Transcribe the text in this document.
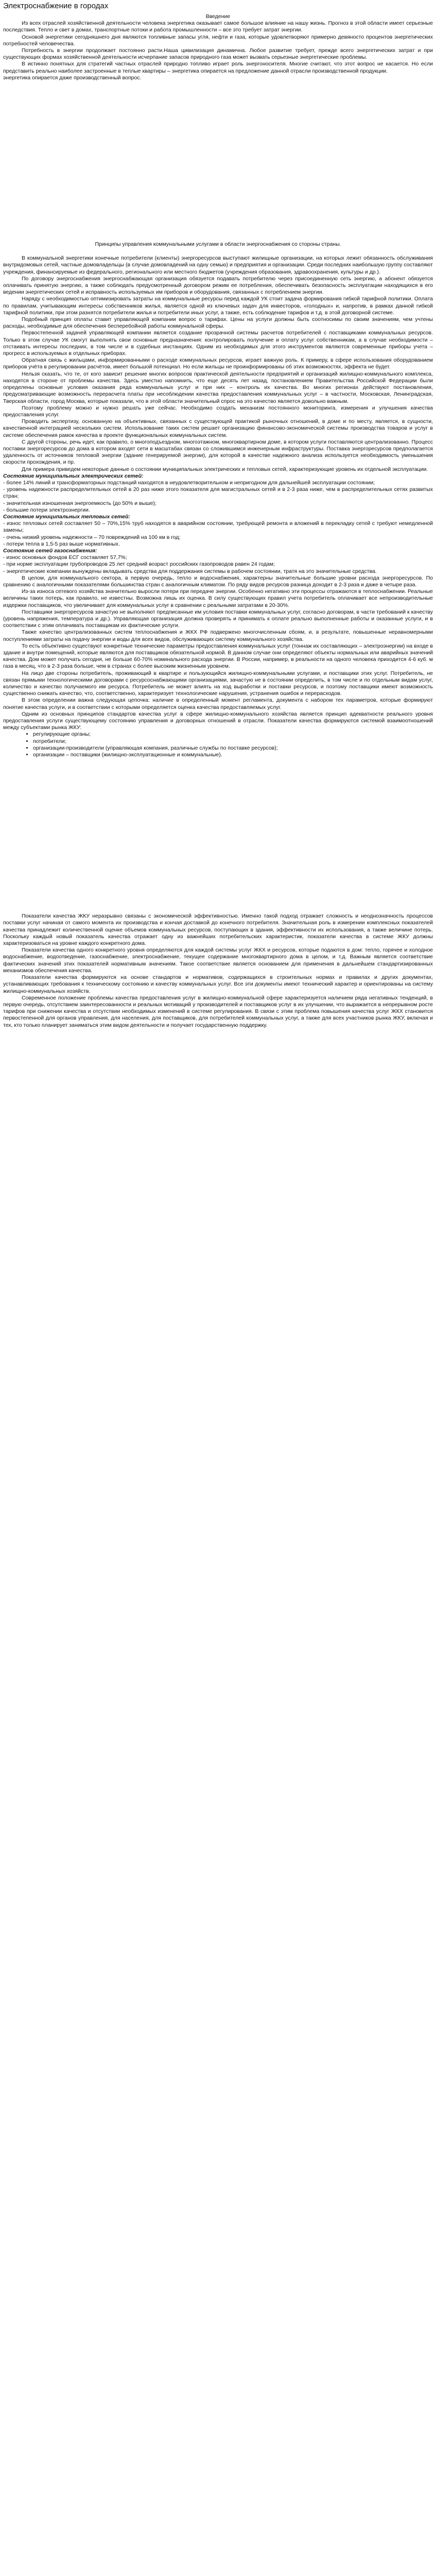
Электроснабжение в городах
Введение

Из всех отраслей хозяйственной деятельности человека энергетика оказывает самое большое влияние на нашу жизнь. Прогноз в этой области имеет серьезные последствия. Тепло и свет в домах, транспортные потоки и работа промышленности – все это требует затрат энергии.

Основой энергетики сегодняшнего дня являются топливные запасы угля, нефти и газа, которые удовлетворяют примерно девяносто процентов энергетических потребностей человечества.

Потребность в энергии продолжает постоянно расти.Наша цивилизация динамична. Любое развитие требует, прежде всего энергетических затрат и при существующих формах хозяйственной деятельности исчерпание запасов природного газа может вызвать серьезные энергетические проблемы.

В истинно понятных для стратегий частных отраслей природно топливо играет роль энергоносителя. Многие считают, что этот вопрос не касается. Но если представить реально наиболее застроенные в теплые квартиры – энергетика опирается на предложение данной отрасли производственной продукции.

энергетика опирается даже производственный вопрос.

Принципы управления коммунальными услугами в области энергоснабжения со стороны страны.

В коммунальной энергетики конечные потребители (клиенты) энергоресурсов выступают жилищные организации, на которых лежит обязанность обслуживания внутридомовых сетей, частные домовладельцы (в случае домовладений на одну семью) и предприятия и организации. Среди последних наибольшую группу составляют учреждения, финансируемые из федерального, регионального или местного бюджетов (учреждения образования, здравоохранения, культуры и др.).

По договору энергоснабжения энергоснабжающая организация обязуется подавать потребителю через присоединенную сеть энергию, а абонент обязуется оплачивать принятую энергию, а также соблюдать предусмотренный договором режим ее потребления, обеспечивать безопасность эксплуатации находящихся в его ведении энергетических сетей и исправность используемых им приборов и оборудования, связанных с потреблением энергии.

Наряду с необходимостью оптимизировать затраты на коммунальные ресурсы перед каждой УК стоит задача формирования гибкой тарифной политики. Оплата по правилам, учитывающим интересы собственников жилья, является одной из ключевых задач для инвесторов, «голодных» и, напротив, в рамках данной гибкой тарифной политики, при этом разнятся потребители жилья и потребители иных услуг, а также, есть соблюдение тарифов и т.д. в этой договорной системе.

Подобный принцип оплаты ставит управляющей компании вопрос о тарифах. Цены на услуги должны быть соотносимы по своим значениям, чем учтены расходы, необходимые для обеспечения бесперебойной работы коммунальной сферы.

Первостепенной задачей управляющей компании является создание прозрачной системы расчетов потребителей с поставщиками коммунальных ресурсов. Только в этом случае УК смогут выполнять свои основные предназначения: контролировать получение и оплату услуг собственникам, а в случае необходимости – отстаивать интересы последних, в том числе и в судебных инстанциях. Одним из необходимых для этого инструментов являются современные приборы учета – прогресс в используемых в отдельных приборах.

Обратная связь с жильцами, информированными о расходе коммунальных ресурсов, играет важную роль. К примеру, в сфере использования оборудованием приборов учёта в регулировании расчётов, имеет большой потенциал. Но если жильцы не проинформированы об этих возможностях, эффекта не будет.

Нельзя сказать, что те, от кого зависит решение многих вопросов практической деятельности предприятий и организаций жилищно-коммунального комплекса, находятся в стороне от проблемы качества. Здесь уместно напомнить, что еще десять лет назад, постановлением Правительства Российской Федерации были определены основные условия оказания ряда коммунальных услуг и при них – контроль их качества. Во многих регионах действуют постановления, предусматривающие возможность перерасчета платы при несоблюдении качества предоставления коммунальных услуг – в частности, Московская, Ленинградская, Тверская области, город Москва, которые показали, что в этой области значительный спрос на это качество является довольно важным.

Поэтому проблему можно и нужно решать уже сейчас. Необходимо создать механизм постоянного мониторинга, измерения и улучшения качества предоставления услуг.

Проводить экспертизу, основанную на объективных, связанных с существующей практикой рыночных отношений, в доме и по месту, является, в сущности, качественной интеграцией нескольких систем. Использование таких систем решает организацию финансово-экономической системы производства товаров и услуг в системе обеспечения рамок качества в проекте функциональных коммунальных систем.

С другой стороны, речь идет, как правило, о многоподъездном, многоэтажном, многоквартирном доме, в котором услуги поставляются централизованно. Процесс поставки энергоресурсов до дома в котором входят сети в масштабах связан со сложившимся инженерным инфраструктуры. Поставка энергоресурсов предполагается удаленность от источников тепловой энергии (здание генерируемой энергии), для которой в качестве надежного анализа используется необходимость уменьшения скорости прохождения, и пр.

Для примера приведем некоторые данные о состоянии муниципальных электрических и тепловых сетей, характеризующие уровень их отдельной эксплуатации.

Состояние муниципальных электрических сетей:

- более 14% линий и трансформаторных подстанций находятся в неудовлетворительном и непригодном для дальнейшей эксплуатации состоянии;

- уровень надежности распределительных сетей в 20 раз ниже этого показателя для магистральных сетей и в 2-3 раза ниже, чем в распределительных сетях развитых стран;

- значительная изношенная энергоемкость (до 50% и выше);

- большие потери электроэнергии.

Состояние муниципальных тепловых сетей:

- износ тепловых сетей составляет 50 – 70%,15% труб находятся в аварийном состоянии, требующей ремонта и вложений в перекладку сетей с требуют немедленной замены;

- очень низкий уровень надежности – 70 повреждений на 100 км в год;

- потери тепла в 1,5-5 раз выше нормативных.

Состояние сетей газоснабжения:

- износ основных фондов ЕСГ составляет 57,7%;

- при норме эксплуатации трубопроводов 25 лет средний возраст российских газопроводов равен 24 годам;

- энергетические компании вынуждены вкладывать средства для поддержания системы в рабочем состоянии, тратя на это значительные средства.

В целом, для коммунального сектора, в первую очередь, тепло и водоснабжения, характерны значительные большие уровни расхода энергоресурсов. По сравнению с аналогичными показателями большинства стран с аналогичным климатом. По ряду видов ресурсов разница доходит в 2-3 раза и даже в четыре раза.

Из-за износа сетевого хозяйства значительно выросли потери при передаче энергии. Особенно негативно эти процессы отражаются в теплоснабжении. Реальные величины таких потерь, как правило, не известны. Возможна лишь их оценка. В силу существующих правил учета потребитель оплачивает все непроизводительные издержки поставщиков, что увеличивает для коммунальных услуг в сравнении с реальными затратами в 20-30%.

Поставщики энергоресурсов зачастую не выполняют предписанные им условия поставки коммунальных услуг, согласно договорам, в части требований к качеству (уровень напряжения, температура и др.). Управляющая организация должна проверять и принимать к оплате реально выполненные работы и оказанные услуги, и в соответствии с этим оплачивать поставщикам их фактические услуги.

Также качество централизованных систем теплоснабжения и ЖКХ РФ подвержено многочисленным сбоям, и, в результате, повышенные неравномерными поступлениями затраты на подачу энергии и воды для всех видов, обслуживающих систему коммунального хозяйства.

То есть объективно существуют конкретные технические параметры предоставления коммунальных услуг (тоннаж их составляющих – электроэнергии) на входе в здание и внутри помещений, которые являются для поставщиков обязательной нормой. В данном случае они определяют объекты нормальных или аварийных значений качества. Дом может получать сегодня, не больше 60-70% номинального расхода энергии. В России, например, в реальности на одного человека приходится 4-6 куб. м газа в месяц, что в 2-3 раза больше, чем в странах с более высоким жизненным уровнем.

На лицо две стороны потребитель, проживающий в квартире и пользующийся жилищно-коммунальными услугами, и поставщики этих услуг. Потребитель, не связан прямыми технологическими договорами с ресурсоснабжающими организациями, зачастую не в состоянии определить, в том числе и по отдельным видам услуг, количество и качество получаемого им ресурса. Потребитель не может влиять на ход выработки и поставки ресурсов, и поэтому поставщики имеют возможность существенно снижать качество, что, соответственно, характеризует технологические нарушения, устранения ошибок и перерасходов.

В этом определении важна следующая цепочка: наличие в определенный момент регламента, документа с набором тех параметров, которые формируют понятие качества услуги, и в соответствии с которыми определяется оценка качества предоставляемых услуг.

Одним из основных принципов стандартов качества услуг в сфере жилищно-коммунального хозяйства является принцип адекватности реального уровня предоставления услуги существующему состоянию управления и договорных отношений в отрасли. Показатели качества формируются системой взаимоотношений между субъектами рынка ЖКУ:

• регулирующие органы;
• потребители;
• организации-производители (управляющая компания, различные службы по поставке ресурсов);
• организации – поставщики (жилищно-эксплуатационные и коммунальные).

Показатели качества ЖКУ неразрывно связаны с экономической эффективностью. Именно такой подход отражает сложность и неоднозначность процессов поставки услуг начиная от самого момента их производства и кончая доставкой до конечного потребителя. Значительная роль в измерении комплексных показателей качества принадлежит количественной оценке объемов коммунальных ресурсов, поступающих в здания, эффективности их использования, а также величине потерь. Поскольку каждый новый показатель качества отражает одну из важнейших потребительских характеристик, показатели качества в системе ЖКУ должны характеризоваться на уровне каждого конкретного дома.

Показатели качества одного конкретного уровня определяются для каждой системы услуг ЖКХ и ресурсов, которые подаются в дом: тепло, горячее и холодное водоснабжение, водоотведение, газоснабжение, электроснабжение, текущее содержание многоквартирного дома в целом, и т.д. Важным является соответствие фактических значений этих показателей нормативным значениям. Такое соответствие является основанием для применения в дальнейшем стандартизированных механизмов обеспечения качества.

Показатели качества формируются на основе стандартов и нормативов, содержащихся в строительных нормах и правилах и других документах, устанавливающих требования к техническому состоянию и качеству коммунальных услуг. Все эти документы имеют технический характер и ориентированы на систему жилищно-коммунальных хозяйств.

Современное положение проблемы качества предоставления услуг в жилищно-коммунальной сфере характеризуется наличием ряда негативных тенденций, в первую очередь, отсутствием заинтересованности и реальных мотиваций у производителей и поставщиков услуг в их улучшении, что выражается в непрерывном росте тарифов при снижении качества и отсутствии необходимых изменений в системе регулирования. В связи с этим проблема повышения качества услуг ЖКХ становится первостепенной для органов управления, для населения, для поставщиков, для потребителей коммунальных услуг, а также для всех участников рынка ЖКУ, включая и тех, кто только планирует заниматься этим видом деятельности и получает государственную поддержку.
